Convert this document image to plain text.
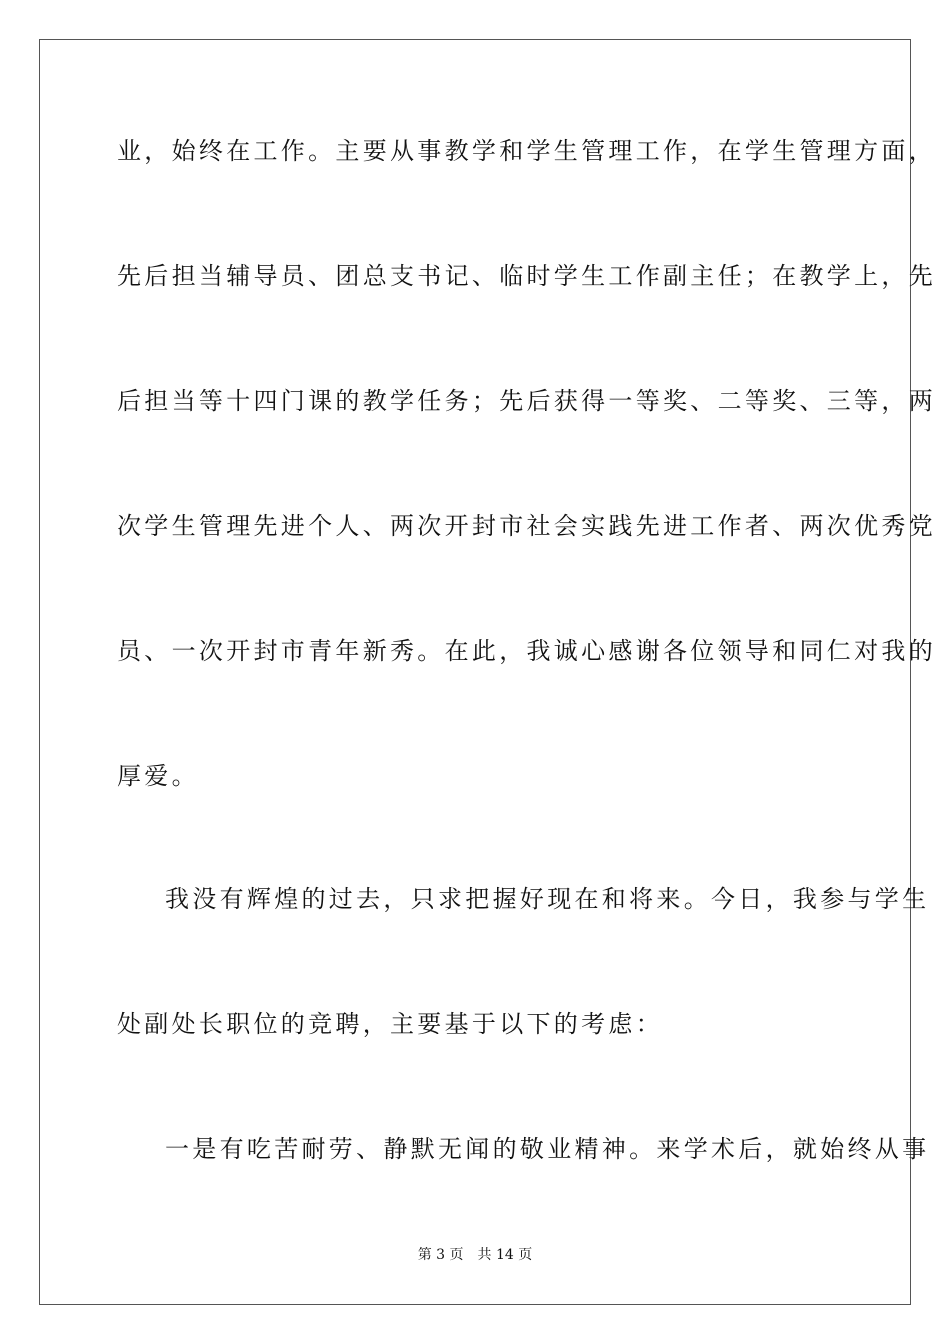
业，始终在工作。主要从事教学和学生管理工作，在学生管理方面，
先后担当辅导员、团总支书记、临时学生工作副主任；在教学上，先
后担当等十四门课的教学任务；先后获得一等奖、二等奖、三等，两
次学生管理先进个人、两次开封市社会实践先进工作者、两次优秀党
员、一次开封市青年新秀。在此，我诚心感谢各位领导和同仁对我的
厚爱。
我没有辉煌的过去，只求把握好现在和将来。今日，我参与学生
处副处长职位的竞聘，主要基于以下的考虑：
一是有吃苦耐劳、静默无闻的敬业精神。来学术后，就始终从事
第 3 页 共 14 页
